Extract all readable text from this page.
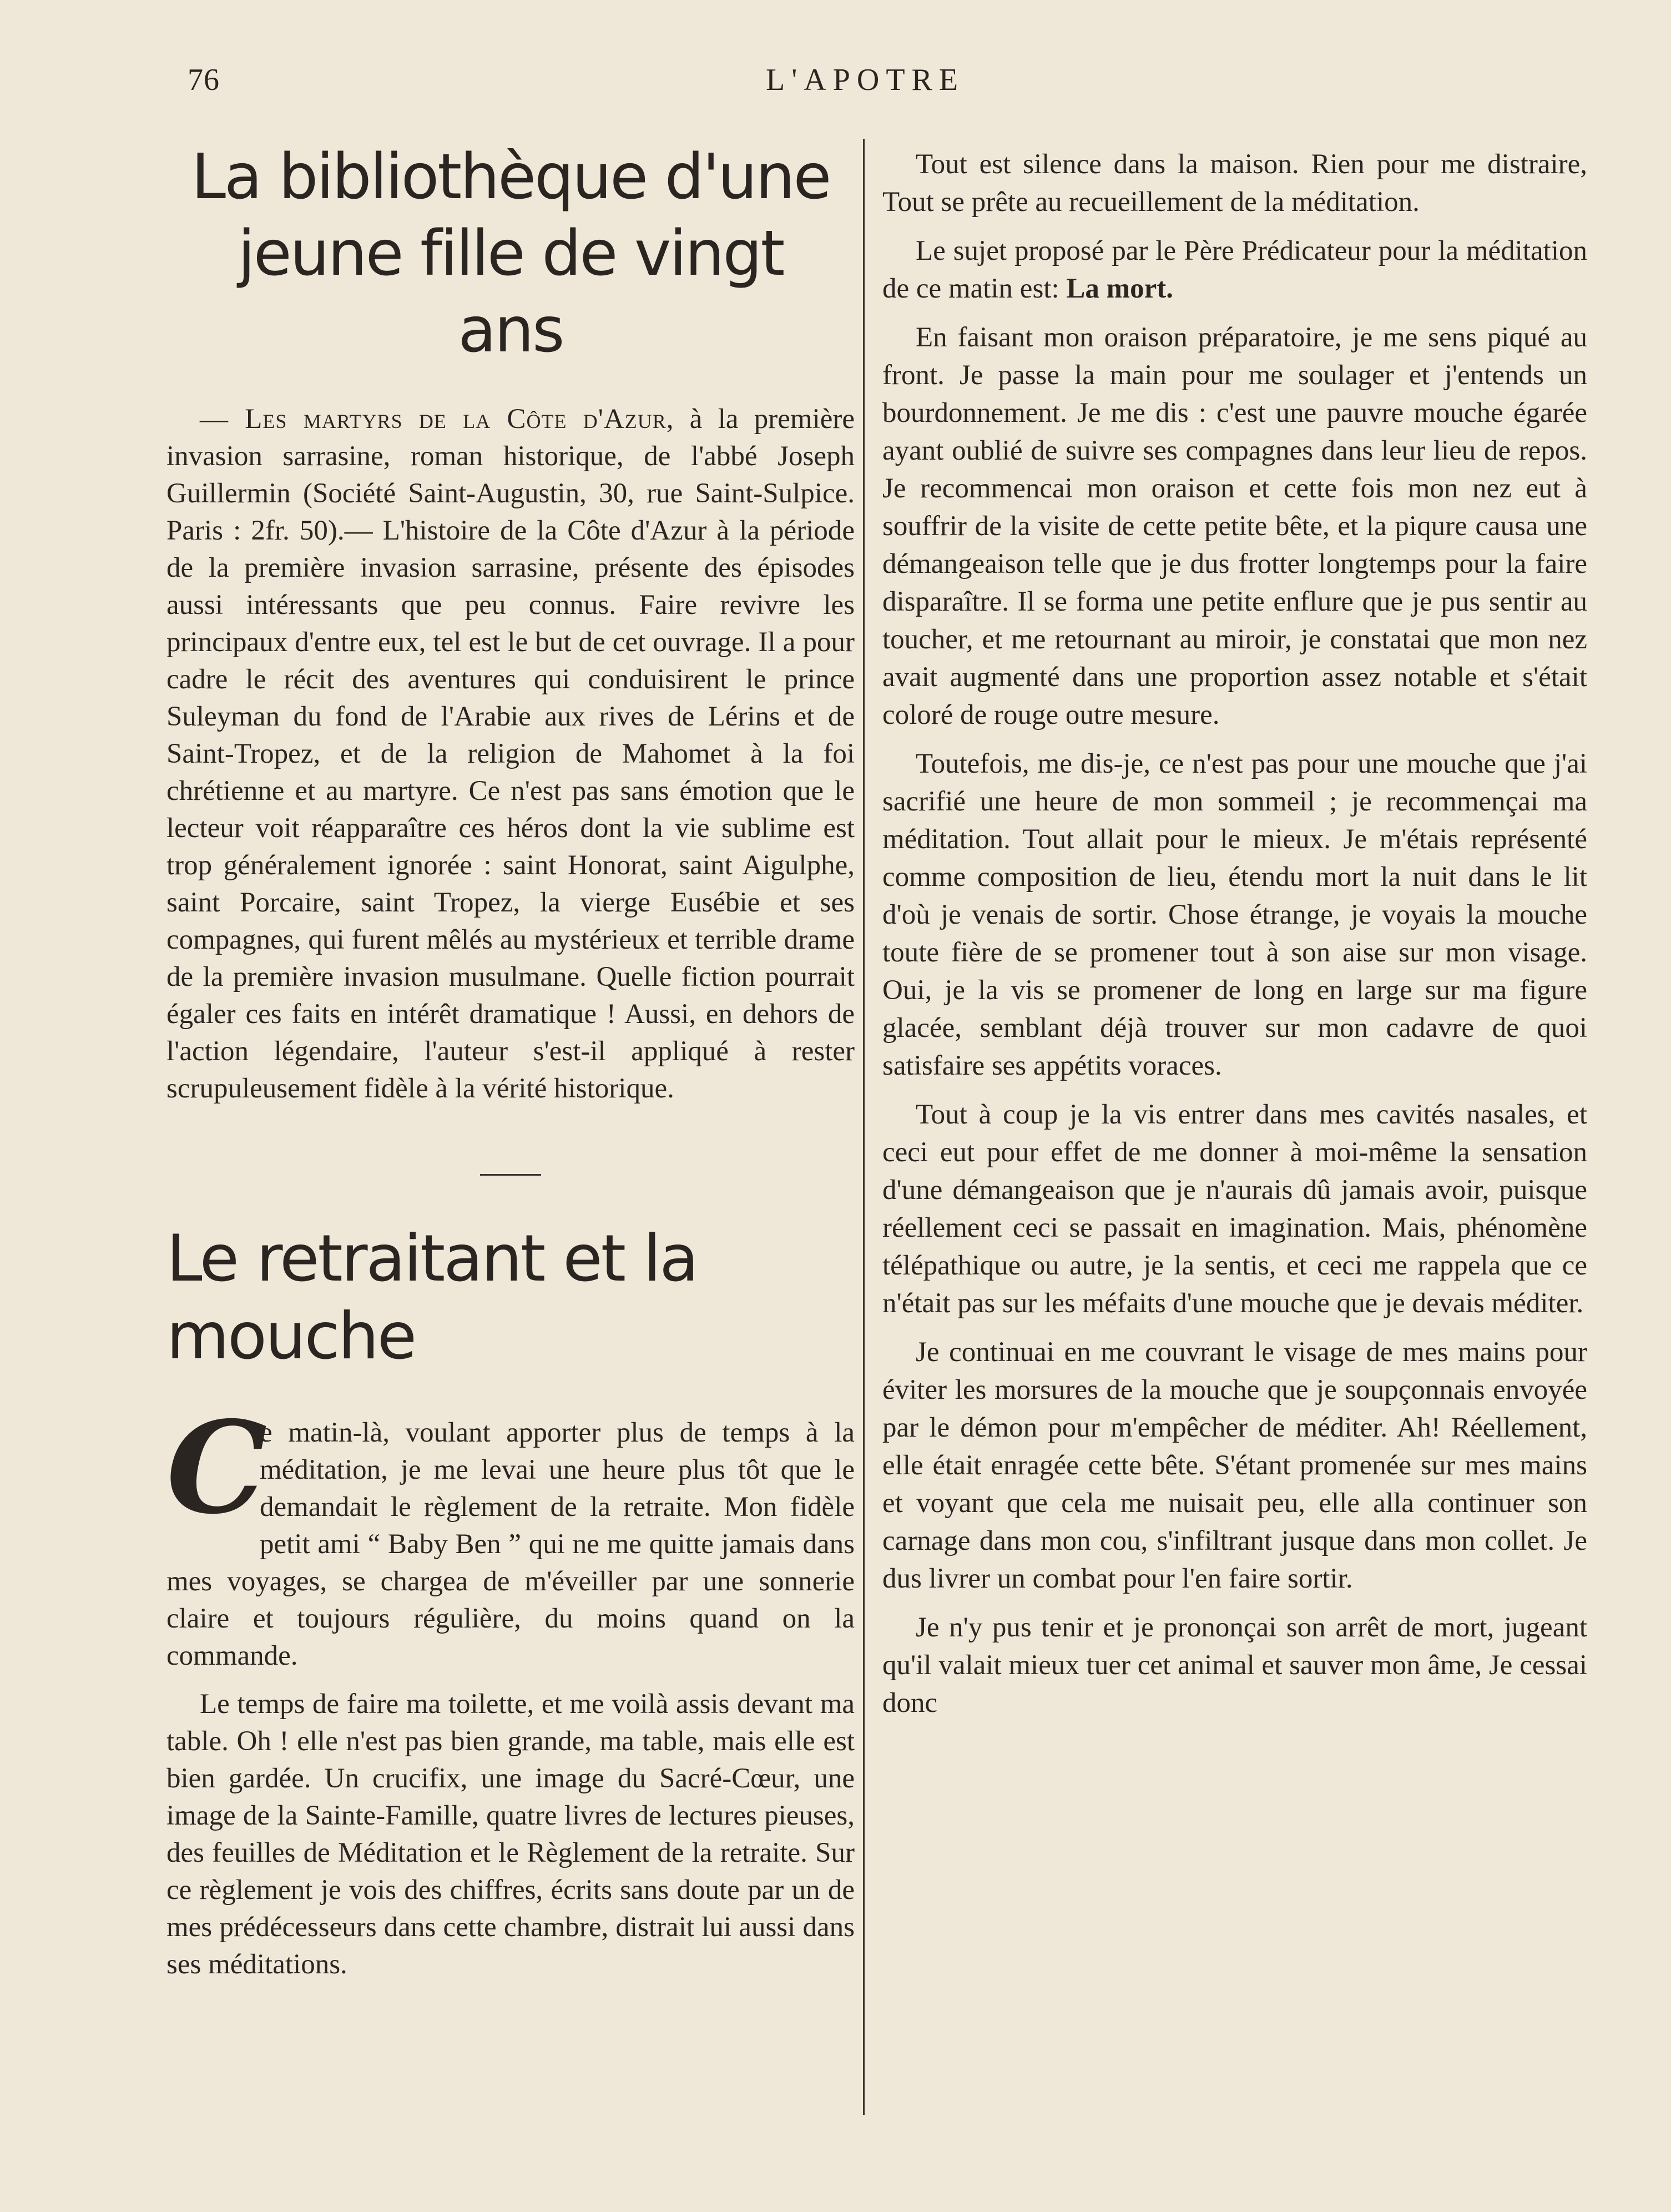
76	L'APOTRE
La bibliothèque d'une jeune fille de vingt ans

— Les martyrs de la Côte d'Azur, à la première invasion sarrasine, roman historique, de l'abbé Joseph Guillermin (Société Saint-Augustin, 30, rue Saint-Sulpice. Paris : 2fr. 50).— L'histoire de la Côte d'Azur à la période de la première invasion sarrasine, présente des épisodes aussi intéressants que peu connus. Faire revivre les principaux d'entre eux, tel est le but de cet ouvrage. Il a pour cadre le récit des aventures qui conduisirent le prince Suleyman du fond de l'Arabie aux rives de Lérins et de Saint-Tropez, et de la religion de Mahomet à la foi chrétienne et au martyre. Ce n'est pas sans émotion que le lecteur voit réapparaître ces héros dont la vie sublime est trop généralement ignorée : saint Honorat, saint Aigulphe, saint Porcaire, saint Tropez, la vierge Eusébie et ses compagnes, qui furent mêlés au mystérieux et terrible drame de la première invasion musulmane. Quelle fiction pourrait égaler ces faits en intérêt dramatique ! Aussi, en dehors de l'action légendaire, l'auteur s'est-il appliqué à rester scrupuleusement fidèle à la vérité historique.

Le retraitant et la mouche

C
e matin-là, voulant apporter plus de temps à la méditation, je me levai une heure plus tôt que le demandait le règlement de la retraite. Mon fidèle petit ami “ Baby Ben ” qui ne me quitte jamais dans mes voyages, se chargea de m'éveiller par une sonnerie claire et toujours régulière, du moins quand on la commande.

Le temps de faire ma toilette, et me voilà assis devant ma table. Oh ! elle n'est pas bien grande, ma table, mais elle est bien gardée. Un crucifix, une image du Sacré-Cœur, une image de la Sainte-Famille, quatre livres de lectures pieuses, des feuilles de Méditation et le Règlement de la retraite. Sur ce règlement je vois des chiffres, écrits sans doute par un de mes prédécesseurs dans cette chambre, distrait lui aussi dans ses méditations.

Tout est silence dans la maison. Rien pour me distraire, Tout se prête au recueillement de la méditation.

Le sujet proposé par le Père Prédicateur pour la méditation de ce matin est: La mort.

En faisant mon oraison préparatoire, je me sens piqué au front. Je passe la main pour me soulager et j'entends un bourdonnement. Je me dis : c'est une pauvre mouche égarée ayant oublié de suivre ses compagnes dans leur lieu de repos. Je recommencai mon oraison et cette fois mon nez eut à souffrir de la visite de cette petite bête, et la piqure causa une démangeaison telle que je dus frotter longtemps pour la faire disparaître. Il se forma une petite enflure que je pus sentir au toucher, et me retournant au miroir, je constatai que mon nez avait augmenté dans une proportion assez notable et s'était coloré de rouge outre mesure.

Toutefois, me dis-je, ce n'est pas pour une mouche que j'ai sacrifié une heure de mon sommeil ; je recommençai ma méditation. Tout allait pour le mieux. Je m'étais représenté comme composition de lieu, étendu mort la nuit dans le lit d'où je venais de sortir. Chose étrange, je voyais la mouche toute fière de se promener tout à son aise sur mon visage. Oui, je la vis se promener de long en large sur ma figure glacée, semblant déjà trouver sur mon cadavre de quoi satisfaire ses appétits voraces.

Tout à coup je la vis entrer dans mes cavités nasales, et ceci eut pour effet de me donner à moi-même la sensation d'une démangeaison que je n'aurais dû jamais avoir, puisque réellement ceci se passait en imagination. Mais, phénomène télépathique ou autre, je la sentis, et ceci me rappela que ce n'était pas sur les méfaits d'une mouche que je devais méditer.

Je continuai en me couvrant le visage de mes mains pour éviter les morsures de la mouche que je soupçonnais envoyée par le démon pour m'empêcher de méditer. Ah! Réellement, elle était enragée cette bête. S'étant promenée sur mes mains et voyant que cela me nuisait peu, elle alla continuer son carnage dans mon cou, s'infiltrant jusque dans mon collet. Je dus livrer un combat pour l'en faire sortir.

Je n'y pus tenir et je prononçai son arrêt de mort, jugeant qu'il valait mieux tuer cet animal et sauver mon âme, Je cessai donc
